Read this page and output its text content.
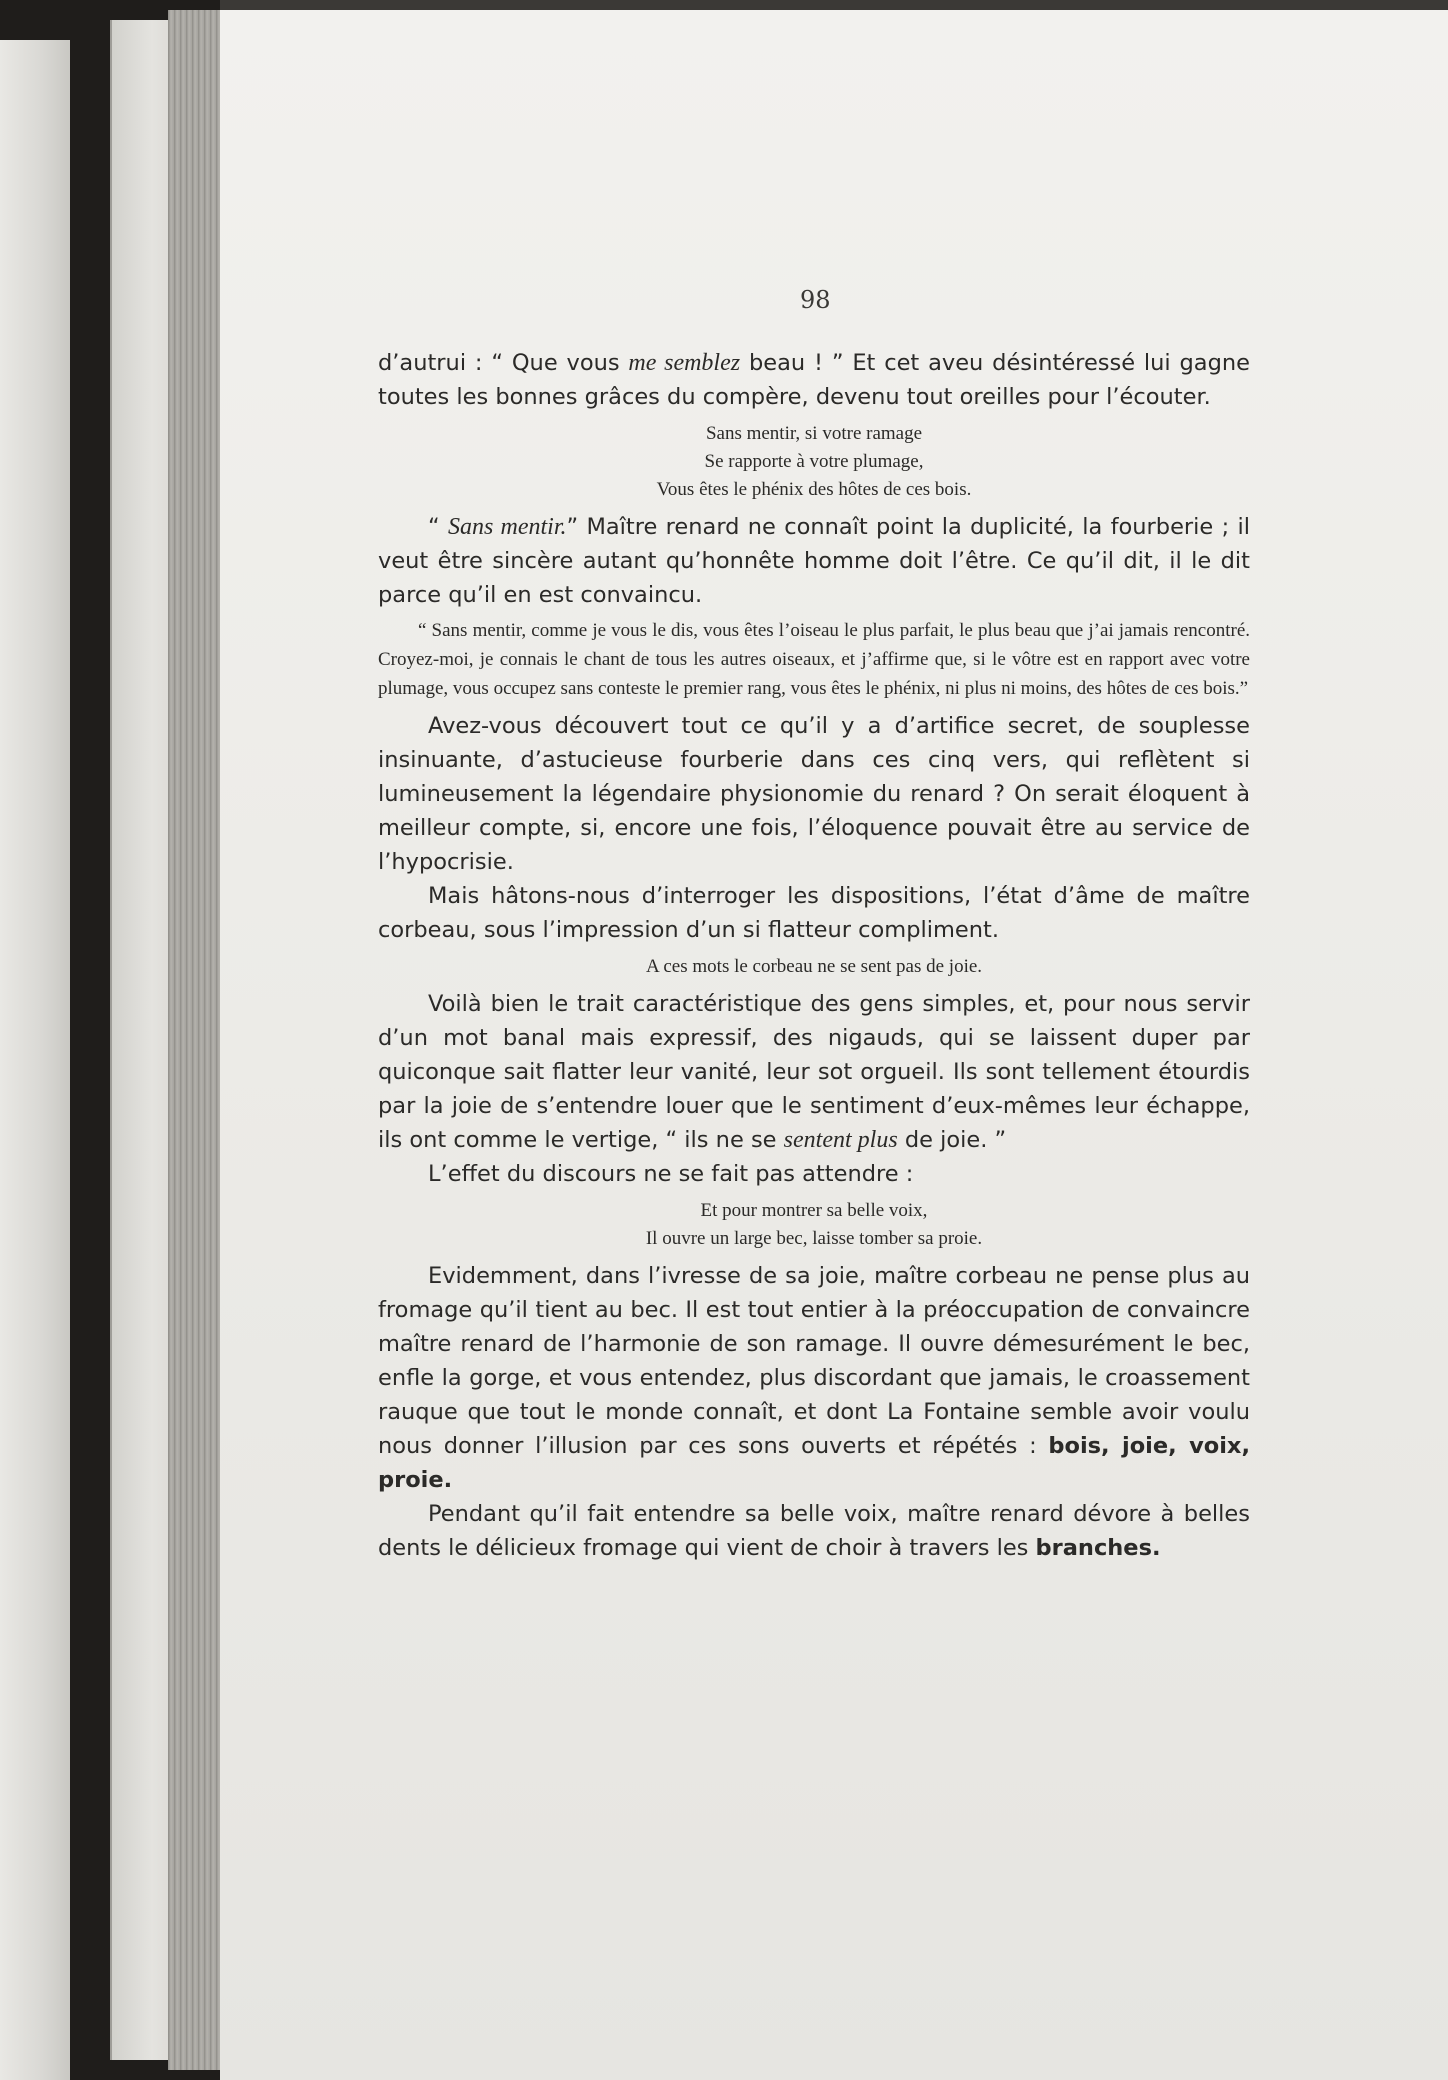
98

d’autrui : “ Que vous me semblez beau ! ” Et cet aveu désintéressé lui gagne toutes les bonnes grâces du compère, devenu tout oreilles pour l’écouter.

Sans mentir, si votre ramage

Se rapporte à votre plumage,

Vous êtes le phénix des hôtes de ces bois.

“ Sans mentir.” Maître renard ne connaît point la duplicité, la fourberie ; il veut être sincère autant qu’honnête homme doit l’être. Ce qu’il dit, il le dit parce qu’il en est convaincu.

“ Sans mentir, comme je vous le dis, vous êtes l’oiseau le plus parfait, le plus beau que j’ai jamais rencontré. Croyez-moi, je connais le chant de tous les autres oiseaux, et j’affirme que, si le vôtre est en rapport avec votre plumage, vous occupez sans conteste le premier rang, vous êtes le phénix, ni plus ni moins, des hôtes de ces bois.”

Avez-vous découvert tout ce qu’il y a d’artifice secret, de souplesse insinuante, d’astucieuse fourberie dans ces cinq vers, qui reflètent si lumineusement la légendaire physionomie du renard ? On serait éloquent à meilleur compte, si, encore une fois, l’éloquence pouvait être au service de l’hypocrisie.

Mais hâtons-nous d’interroger les dispositions, l’état d’âme de maître corbeau, sous l’impression d’un si flatteur compliment.

A ces mots le corbeau ne se sent pas de joie.

Voilà bien le trait caractéristique des gens simples, et, pour nous servir d’un mot banal mais expressif, des nigauds, qui se laissent duper par quiconque sait flatter leur vanité, leur sot orgueil. Ils sont tellement étourdis par la joie de s’entendre louer que le sentiment d’eux-mêmes leur échappe, ils ont comme le vertige, “ ils ne se sentent plus de joie. ”

L’effet du discours ne se fait pas attendre :

Et pour montrer sa belle voix,

Il ouvre un large bec, laisse tomber sa proie.

Evidemment, dans l’ivresse de sa joie, maître corbeau ne pense plus au fromage qu’il tient au bec. Il est tout entier à la préoccupation de convaincre maître renard de l’harmonie de son ramage. Il ouvre démesurément le bec, enfle la gorge, et vous entendez, plus discordant que jamais, le croassement rauque que tout le monde connaît, et dont La Fontaine semble avoir voulu nous donner l’illusion par ces sons ouverts et répétés : bois, joie, voix, proie.

Pendant qu’il fait entendre sa belle voix, maître renard dévore à belles dents le délicieux fromage qui vient de choir à travers les branches.
